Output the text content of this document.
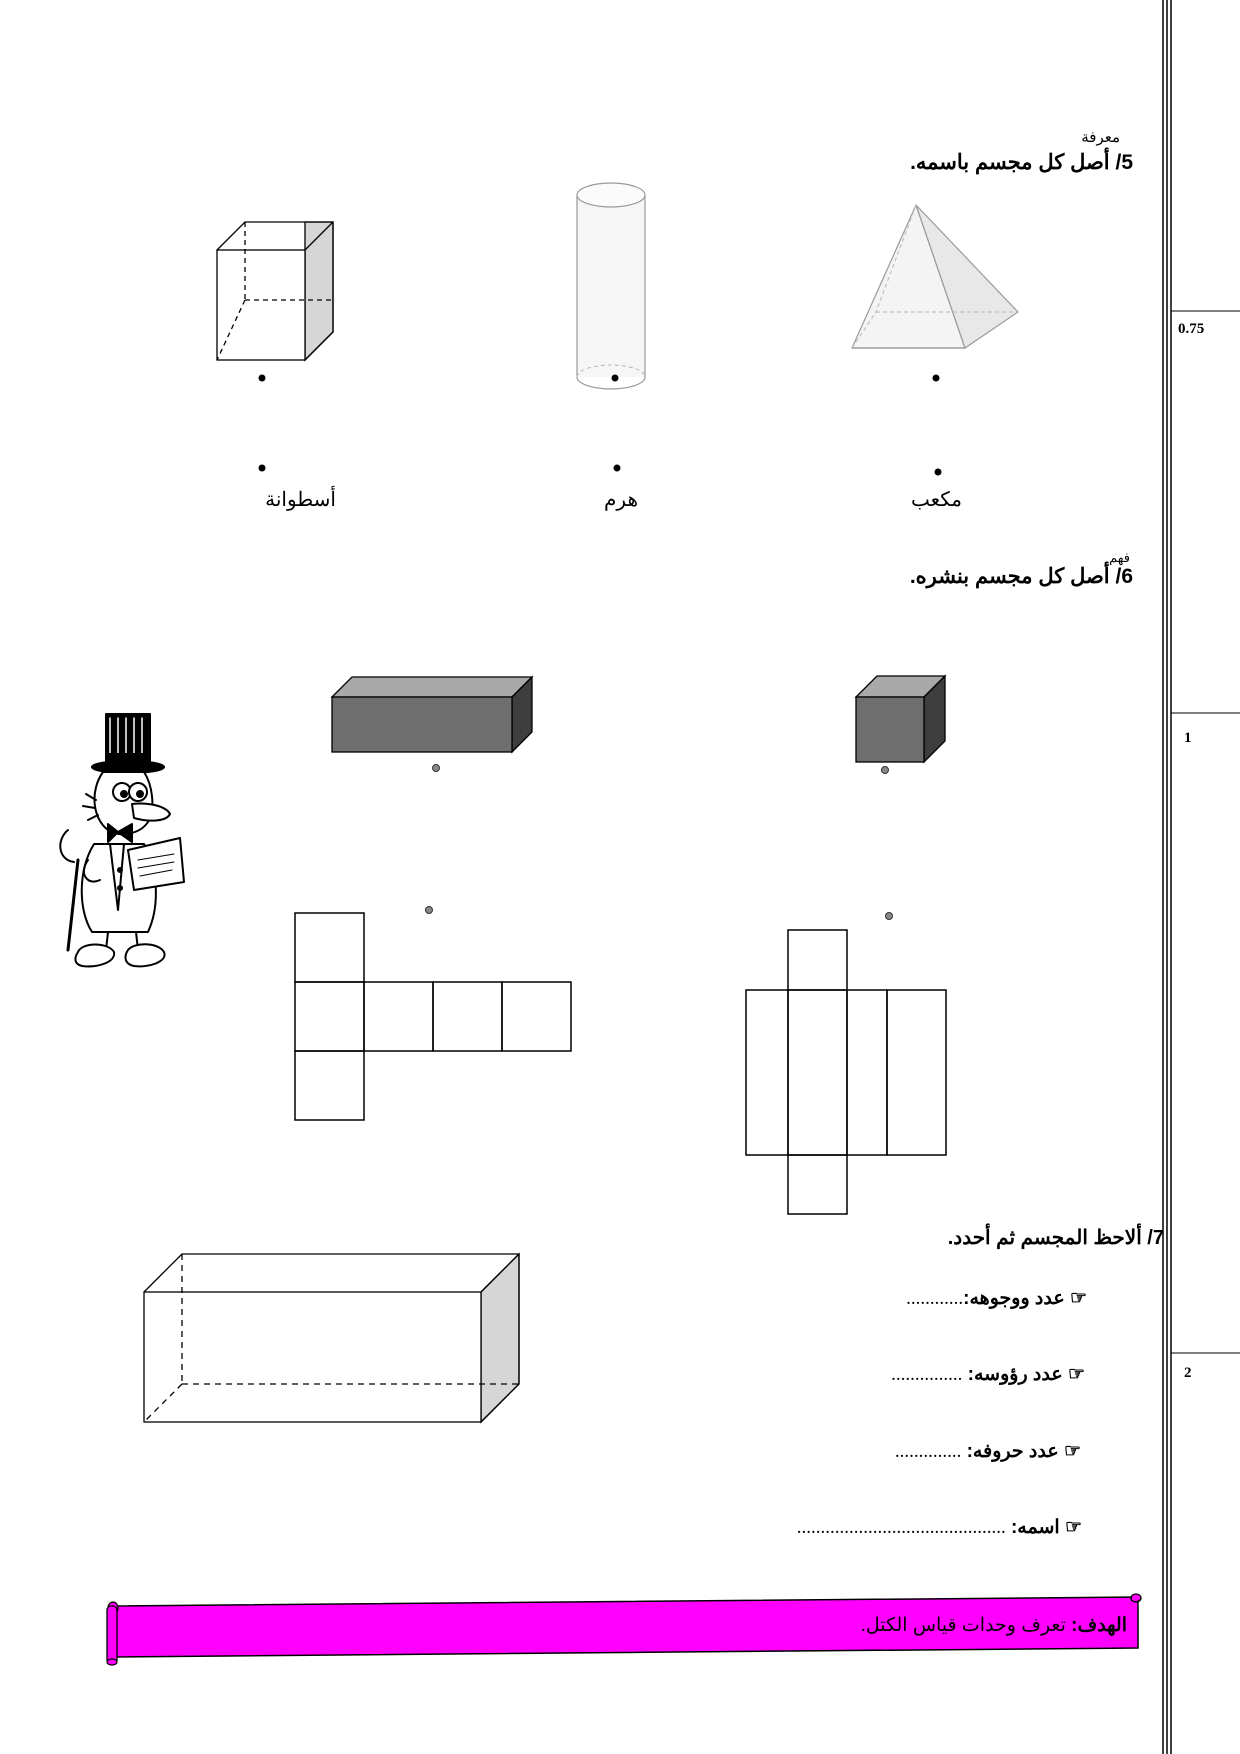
0.75
1
2
معرفة
5/ أصل كل مجسم باسمه.
أسطوانة	هرم	مكعب
فهم
6/ أصل كل مجسم بنشره.
7/ ألاحظ المجسم ثم أحدد.
☞ عدد ووجوهه:............
☞ عدد رؤوسه: ...............
☞ عدد حروفه: ..............
☞ اسمه: ............................................
الهدف: تعرف وحدات قياس الكتل.
